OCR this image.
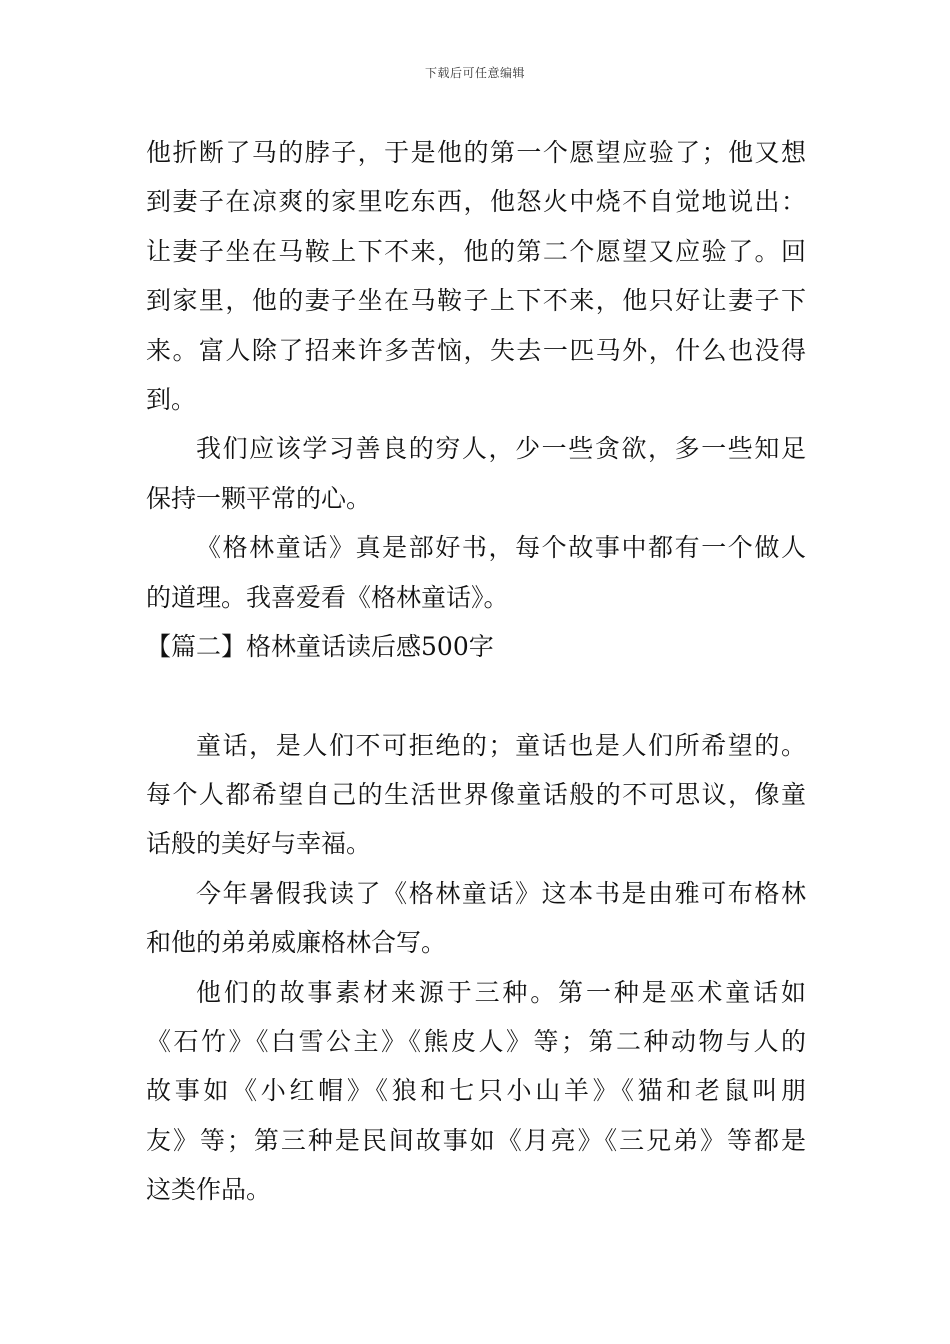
下载后可任意编辑
他折断了马的脖子，于是他的第一个愿望应验了；他又想
到妻子在凉爽的家里吃东西，他怒火中烧不自觉地说出：
让妻子坐在马鞍上下不来，他的第二个愿望又应验了。回
到家里，他的妻子坐在马鞍子上下不来，他只好让妻子下
来。富人除了招来许多苦恼，失去一匹马外，什么也没得
到。
我们应该学习善良的穷人，少一些贪欲，多一些知足
保持一颗平常的心。
《格林童话》真是部好书，每个故事中都有一个做人
的道理。我喜爱看《格林童话》。
【篇二】格林童话读后感500字
童话，是人们不可拒绝的；童话也是人们所希望的。
每个人都希望自己的生活世界像童话般的不可思议，像童
话般的美好与幸福。
今年暑假我读了《格林童话》这本书是由雅可布格林
和他的弟弟威廉格林合写。
他们的故事素材来源于三种。第一种是巫术童话如
《石竹》《白雪公主》《熊皮人》等；第二种动物与人的
故事如《小红帽》《狼和七只小山羊》《猫和老鼠叫朋
友》等；第三种是民间故事如《月亮》《三兄弟》等都是
这类作品。
